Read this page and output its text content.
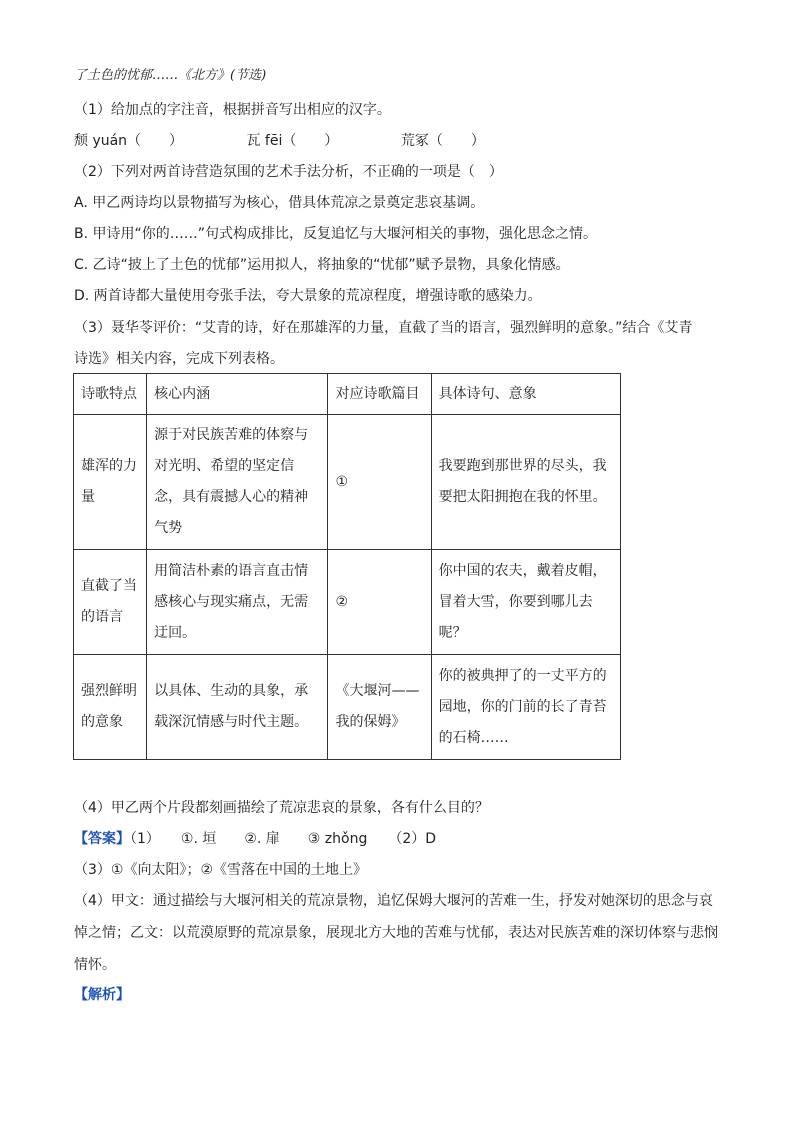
了土色的忧郁……《北方》(节选)
（1）给加点的字注音，根据拼音写出相应的汉字。
颓 yuán（　　）	瓦 fēi（　　）	荒冢（　　）
（2）下列对两首诗营造氛围的艺术手法分析，不正确的一项是（　）
A. 甲乙两诗均以景物描写为核心，借具体荒凉之景奠定悲哀基调。
B. 甲诗用“你的……”句式构成排比，反复追忆与大堰河相关的事物，强化思念之情。
C. 乙诗“披上了土色的忧郁”运用拟人，将抽象的“忧郁”赋予景物，具象化情感。
D. 两首诗都大量使用夸张手法，夸大景象的荒凉程度，增强诗歌的感染力。
（3）聂华苓评价：“艾青的诗，好在那雄浑的力量，直截了当的语言，强烈鲜明的意象。”结合《艾青
诗选》相关内容，完成下列表格。
诗歌特点	核心内涵	对应诗歌篇目	具体诗句、意象
雄浑的力量	源于对民族苦难的体察与对光明、希望的坚定信念，具有震撼人心的精神气势	①	我要跑到那世界的尽头，我要把太阳拥抱在我的怀里。
直截了当的语言	用简洁朴素的语言直击情感核心与现实痛点，无需迂回。	②	你中国的农夫，戴着皮帽，冒着大雪，你要到哪儿去呢？
强烈鲜明的意象	以具体、生动的具象，承载深沉情感与时代主题。	《大堰河——我的保姆》	你的被典押了的一丈平方的园地，你的门前的长了青苔的石椅……
（4）甲乙两个片段都刻画描绘了荒凉悲哀的景象，各有什么目的？
【答案】（1）　　①. 垣　　②. 扉　　③ zhǒng　　（2）D
（3）①《向太阳》；②《雪落在中国的土地上》
（4）甲文：通过描绘与大堰河相关的荒凉景物，追忆保姆大堰河的苦难一生，抒发对她深切的思念与哀悼之情；乙文：以荒漠原野的荒凉景象，展现北方大地的苦难与忧郁，表达对民族苦难的深切体察与悲悯情怀。
【解析】
